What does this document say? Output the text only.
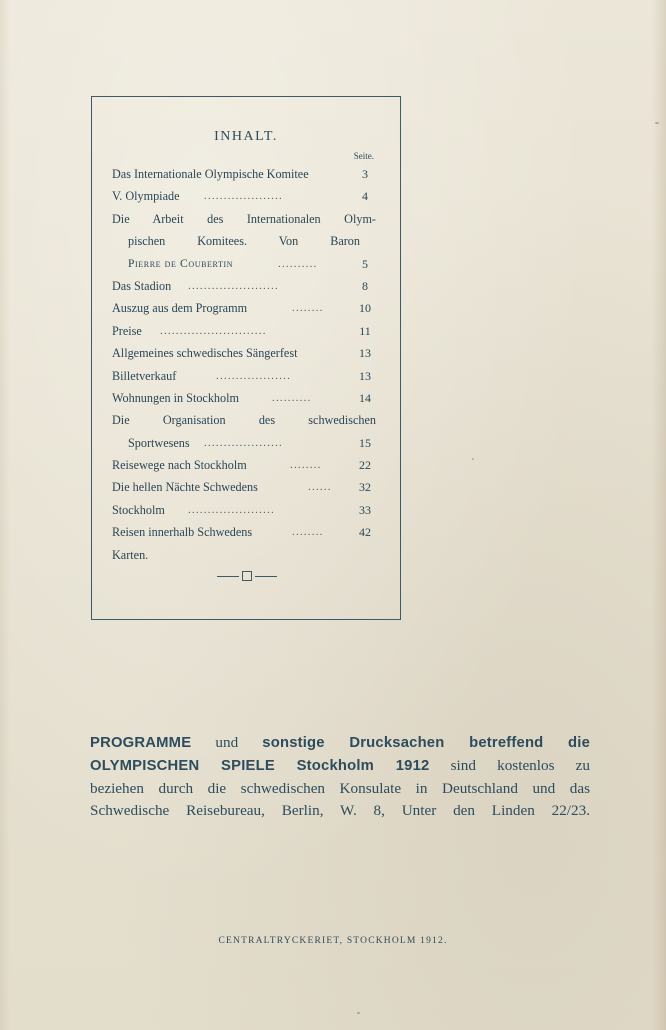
INHALT.
Seite.
Das Internationale Olympische Komitee	3
V. Olympiade ....................	4
Die Arbeit des Internationalen Olym-
pischen Komitees. Von Baron
Pierre de Coubertin	..........	5
Das Stadion .......................	8
Auszug aus dem Programm	........	10
Preise ...........................	11
Allgemeines schwedisches Sängerfest	13
Billetverkauf	...................	13
Wohnungen in Stockholm	..........	14
Die Organisation des schwedischen
Sportwesens ....................	15
Reisewege nach Stockholm	........	22
Die hellen Nächte Schwedens	......	32
Stockholm ......................	33
Reisen innerhalb Schwedens	........	42
Karten.
PROGRAMME und sonstige Drucksachen betreffend die
OLYMPISCHEN SPIELE Stockholm 1912 sind kostenlos zu
beziehen durch die schwedischen Konsulate in Deutschland und das
Schwedische Reisebureau, Berlin, W. 8, Unter den Linden 22/23.
CENTRALTRYCKERIET, STOCKHOLM 1912.
